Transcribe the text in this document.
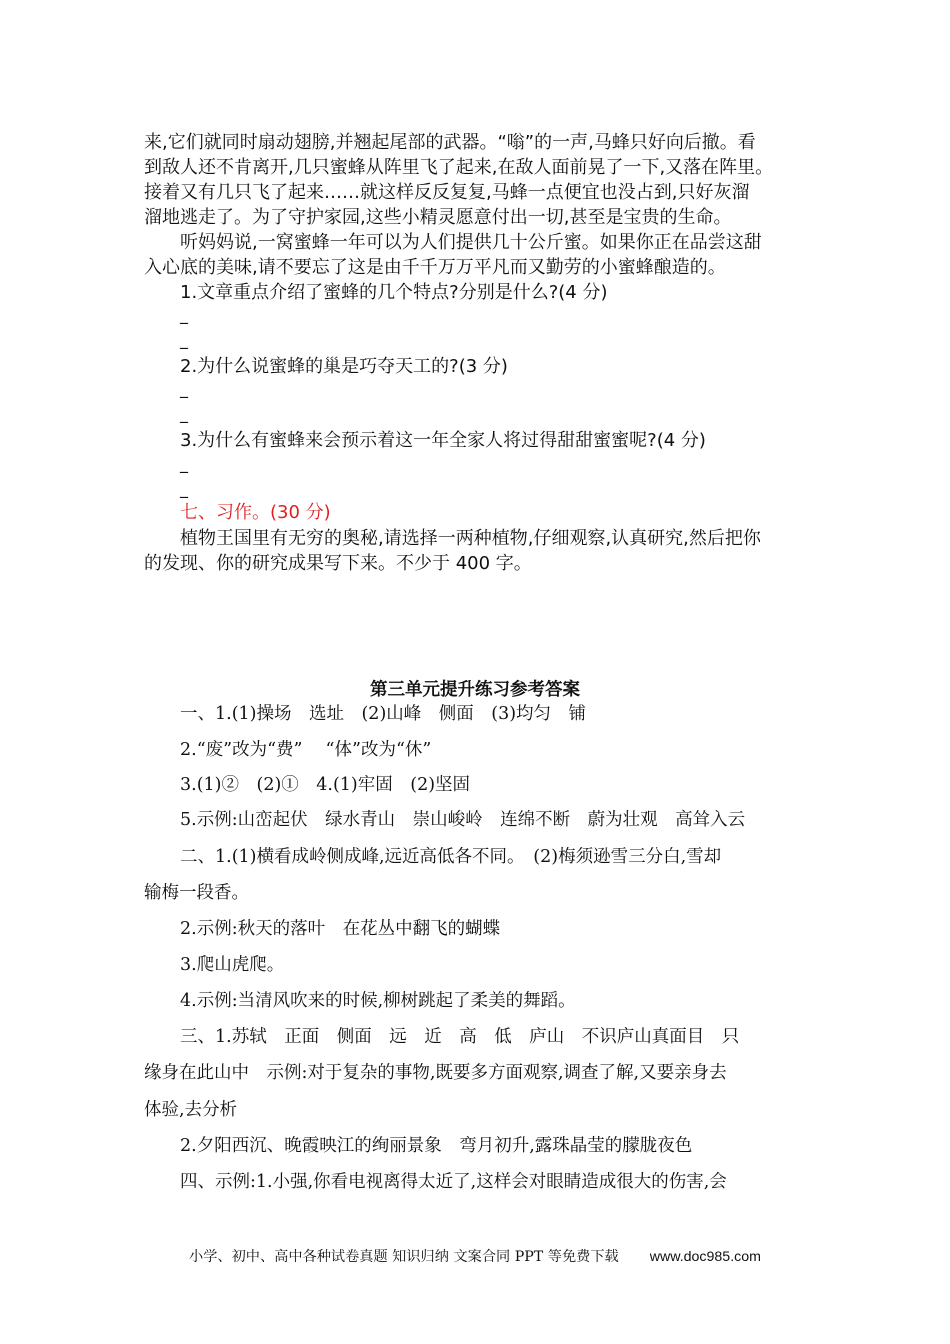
来,它们就同时扇动翅膀,并翘起尾部的武器。“嗡”的一声,马蜂只好向后撤。看
到敌人还不肯离开,几只蜜蜂从阵里飞了起来,在敌人面前晃了一下,又落在阵里。
接着又有几只飞了起来……就这样反反复复,马蜂一点便宜也没占到,只好灰溜
溜地逃走了。为了守护家园,这些小精灵愿意付出一切,甚至是宝贵的生命。
听妈妈说,一窝蜜蜂一年可以为人们提供几十公斤蜜。如果你正在品尝这甜
入心底的美味,请不要忘了这是由千千万万平凡而又勤劳的小蜜蜂酿造的。
1.文章重点介绍了蜜蜂的几个特点?分别是什么?(4 分)
_
_
2.为什么说蜜蜂的巢是巧夺天工的?(3 分)
_
_
3.为什么有蜜蜂来会预示着这一年全家人将过得甜甜蜜蜜呢?(4 分)
_
_
七、习作。(30 分)
植物王国里有无穷的奥秘,请选择一两种植物,仔细观察,认真研究,然后把你
的发现、你的研究成果写下来。不少于 400 字。
第三单元提升练习参考答案
一、1.(1)操场　选址　(2)山峰　侧面　(3)均匀　铺
2.“废”改为“费”　 “体”改为“休”
3.(1)②　(2)①　4.(1)牢固　(2)坚固
5.示例:山峦起伏　绿水青山　崇山峻岭　连绵不断　蔚为壮观　高耸入云
二、1.(1)横看成岭侧成峰,远近高低各不同。　(2)梅须逊雪三分白,雪却
输梅一段香。
2.示例:秋天的落叶　在花丛中翻飞的蝴蝶
3.爬山虎爬。
4.示例:当清风吹来的时候,柳树跳起了柔美的舞蹈。
三、1.苏轼　正面　侧面　远　近　高　低　庐山　不识庐山真面目　只
缘身在此山中　示例:对于复杂的事物,既要多方面观察,调查了解,又要亲身去
体验,去分析
2.夕阳西沉、晚霞映江的绚丽景象　弯月初升,露珠晶莹的朦胧夜色
四、示例:1.小强,你看电视离得太近了,这样会对眼睛造成很大的伤害,会
小学、初中、高中各种试卷真题 知识归纳 文案合同 PPT 等免费下载 www.doc985.com
